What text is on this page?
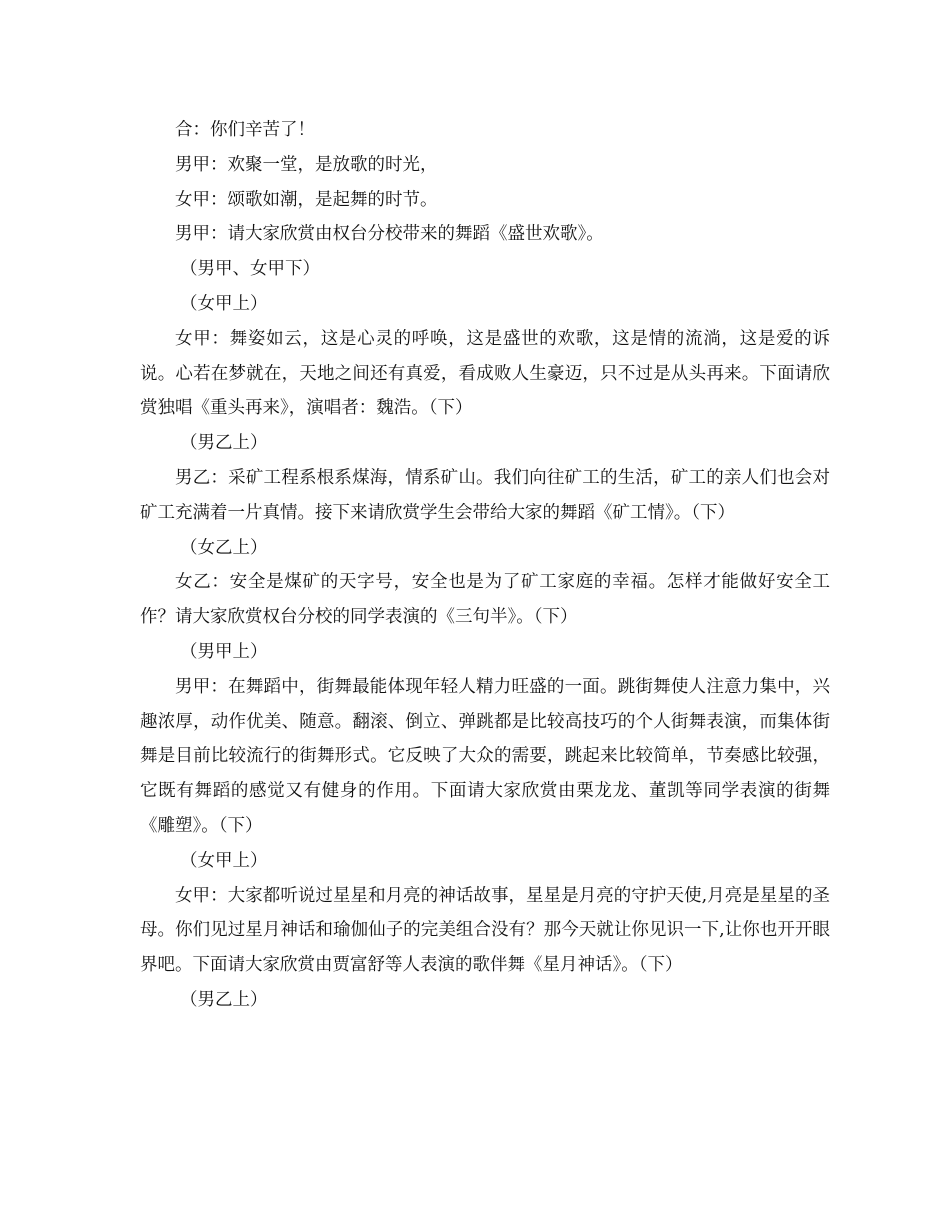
合：你们辛苦了！

男甲：欢聚一堂，是放歌的时光，

女甲：颂歌如潮，是起舞的时节。

男甲：请大家欣赏由权台分校带来的舞蹈《盛世欢歌》。

（男甲、女甲下）

（女甲上）

女甲：舞姿如云，这是心灵的呼唤，这是盛世的欢歌，这是情的流淌，这是爱的诉说。心若在梦就在，天地之间还有真爱，看成败人生豪迈，只不过是从头再来。下面请欣赏独唱《重头再来》，演唱者：魏浩。（下）

（男乙上）

男乙：采矿工程系根系煤海，情系矿山。我们向往矿工的生活，矿工的亲人们也会对矿工充满着一片真情。接下来请欣赏学生会带给大家的舞蹈《矿工情》。（下）

（女乙上）

女乙：安全是煤矿的天字号，安全也是为了矿工家庭的幸福。怎样才能做好安全工作？请大家欣赏权台分校的同学表演的《三句半》。（下）

（男甲上）

男甲：在舞蹈中，街舞最能体现年轻人精力旺盛的一面。跳街舞使人注意力集中，兴趣浓厚，动作优美、随意。翻滚、倒立、弹跳都是比较高技巧的个人街舞表演，而集体街舞是目前比较流行的街舞形式。它反映了大众的需要，跳起来比较简单，节奏感比较强，它既有舞蹈的感觉又有健身的作用。下面请大家欣赏由栗龙龙、董凯等同学表演的街舞《雕塑》。（下）

（女甲上）

女甲：大家都听说过星星和月亮的神话故事，星星是月亮的守护天使,月亮是星星的圣母。你们见过星月神话和瑜伽仙子的完美组合没有？那今天就让你见识一下,让你也开开眼界吧。下面请大家欣赏由贾富舒等人表演的歌伴舞《星月神话》。（下）

（男乙上）
